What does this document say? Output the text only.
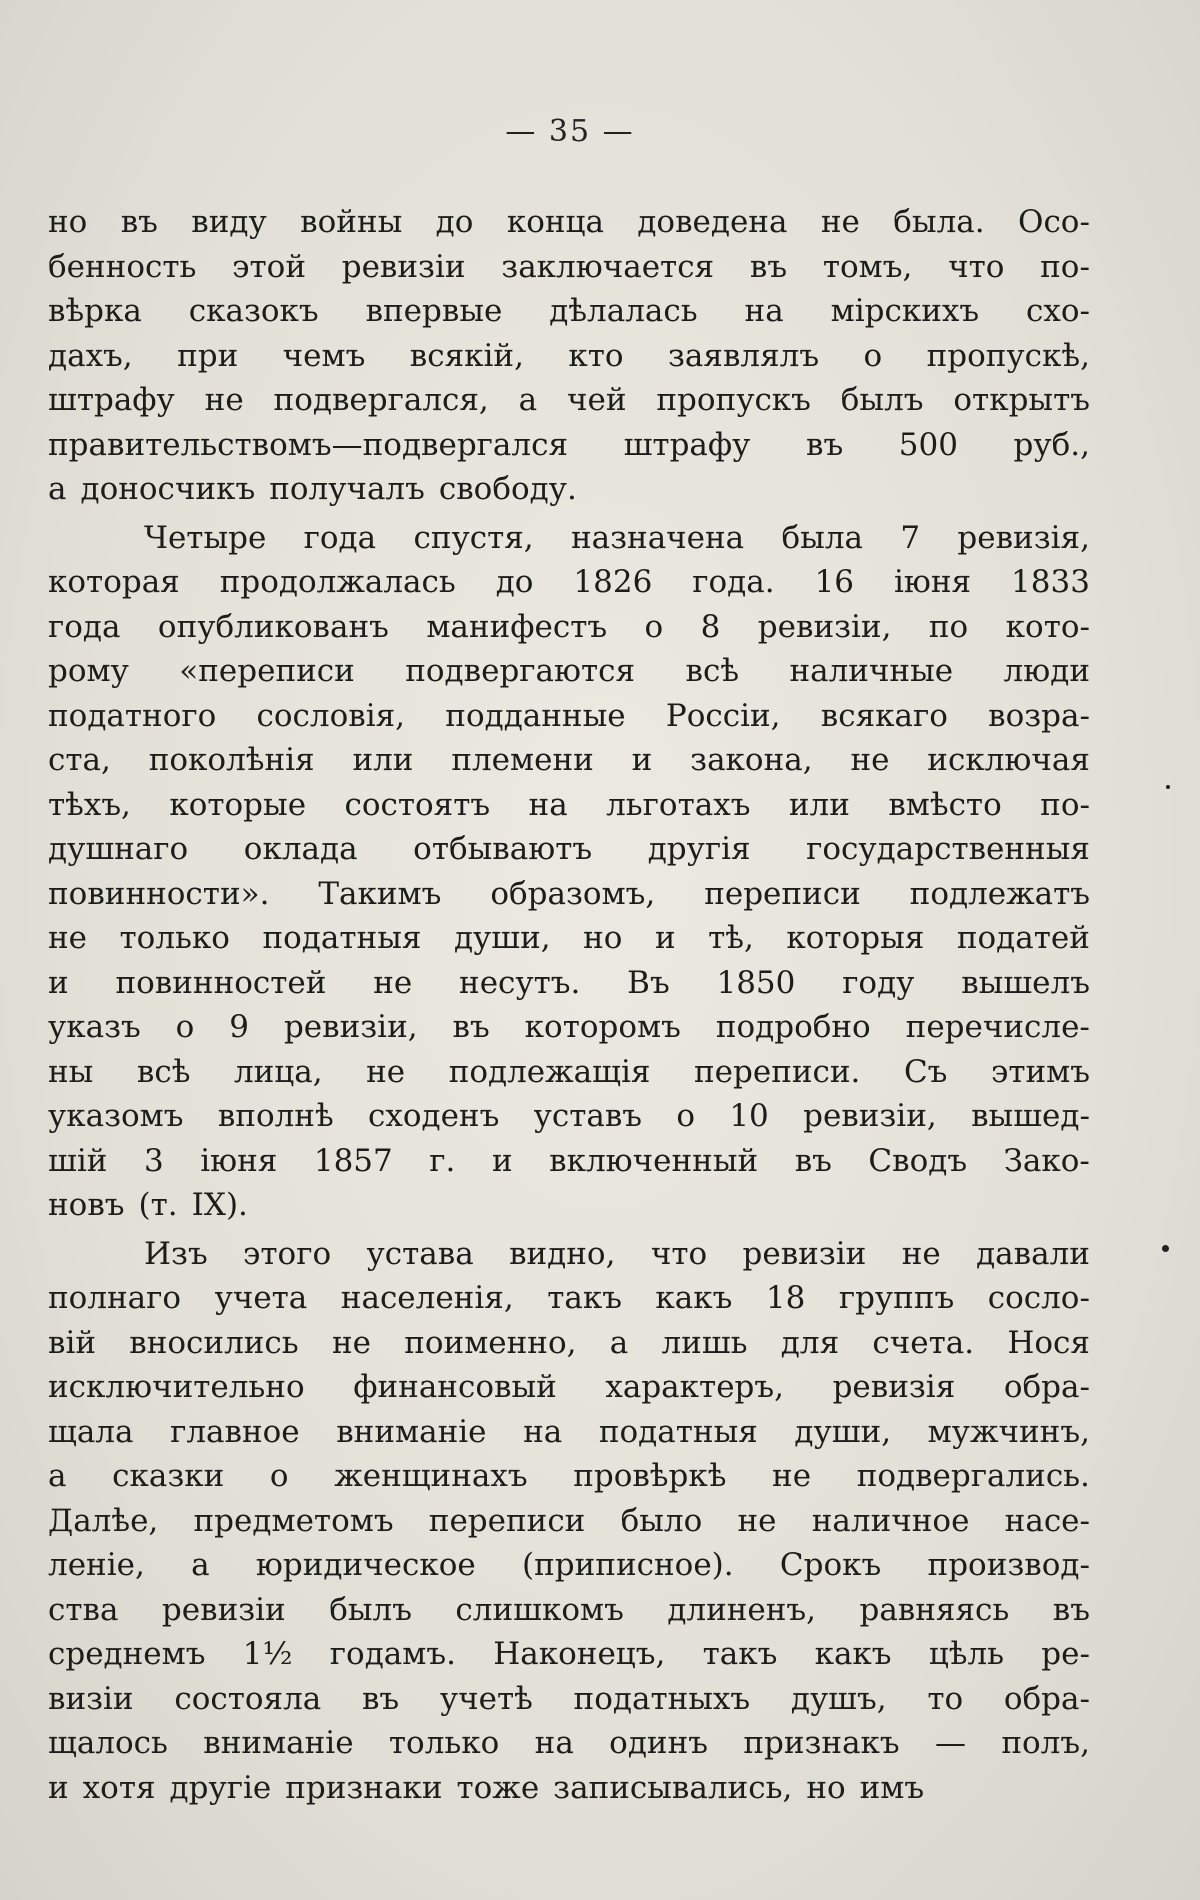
— 35 —
но въ виду войны до конца доведена не была. Осо-
бенность этой ревизіи заключается въ томъ, что по-
вѣрка сказокъ впервые дѣлалась на мірскихъ схо-
дахъ, при чемъ всякій, кто заявлялъ о пропускѣ,
штрафу не подвергался, а чей пропускъ былъ открытъ
правительствомъ—подвергался штрафу въ 500 руб.,
а доносчикъ получалъ свободу.
Четыре года спустя, назначена была 7 ревизія,
которая продолжалась до 1826 года. 16 іюня 1833
года опубликованъ манифестъ о 8 ревизіи, по кото-
рому «переписи подвергаются всѣ наличные люди
податного сословія, подданные Россіи, всякаго возра-
ста, поколѣнія или племени и закона, не исключая
тѣхъ, которые состоятъ на льготахъ или вмѣсто по-
душнаго оклада отбываютъ другія государственныя
повинности». Такимъ образомъ, переписи подлежатъ
не только податныя души, но и тѣ, которыя податей
и повинностей не несутъ. Въ 1850 году вышелъ
указъ о 9 ревизіи, въ которомъ подробно перечисле-
ны всѣ лица, не подлежащія переписи. Съ этимъ
указомъ вполнѣ сходенъ уставъ о 10 ревизіи, вышед-
шій 3 іюня 1857 г. и включенный въ Сводъ Зако-
новъ (т. IX).
Изъ этого устава видно, что ревизіи не давали
полнаго учета населенія, такъ какъ 18 группъ сосло-
вій вносились не поименно, а лишь для счета. Нося
исключительно финансовый характеръ, ревизія обра-
щала главное вниманіе на податныя души, мужчинъ,
а сказки о женщинахъ провѣркѣ не подвергались.
Далѣе, предметомъ переписи было не наличное насе-
леніе, а юридическое (приписное). Срокъ производ-
ства ревизіи былъ слишкомъ длиненъ, равняясь въ
среднемъ 1½ годамъ. Наконецъ, такъ какъ цѣль ре-
визіи состояла въ учетѣ податныхъ душъ, то обра-
щалось вниманіе только на одинъ признакъ — полъ,
и хотя другіе признаки тоже записывались, но имъ
